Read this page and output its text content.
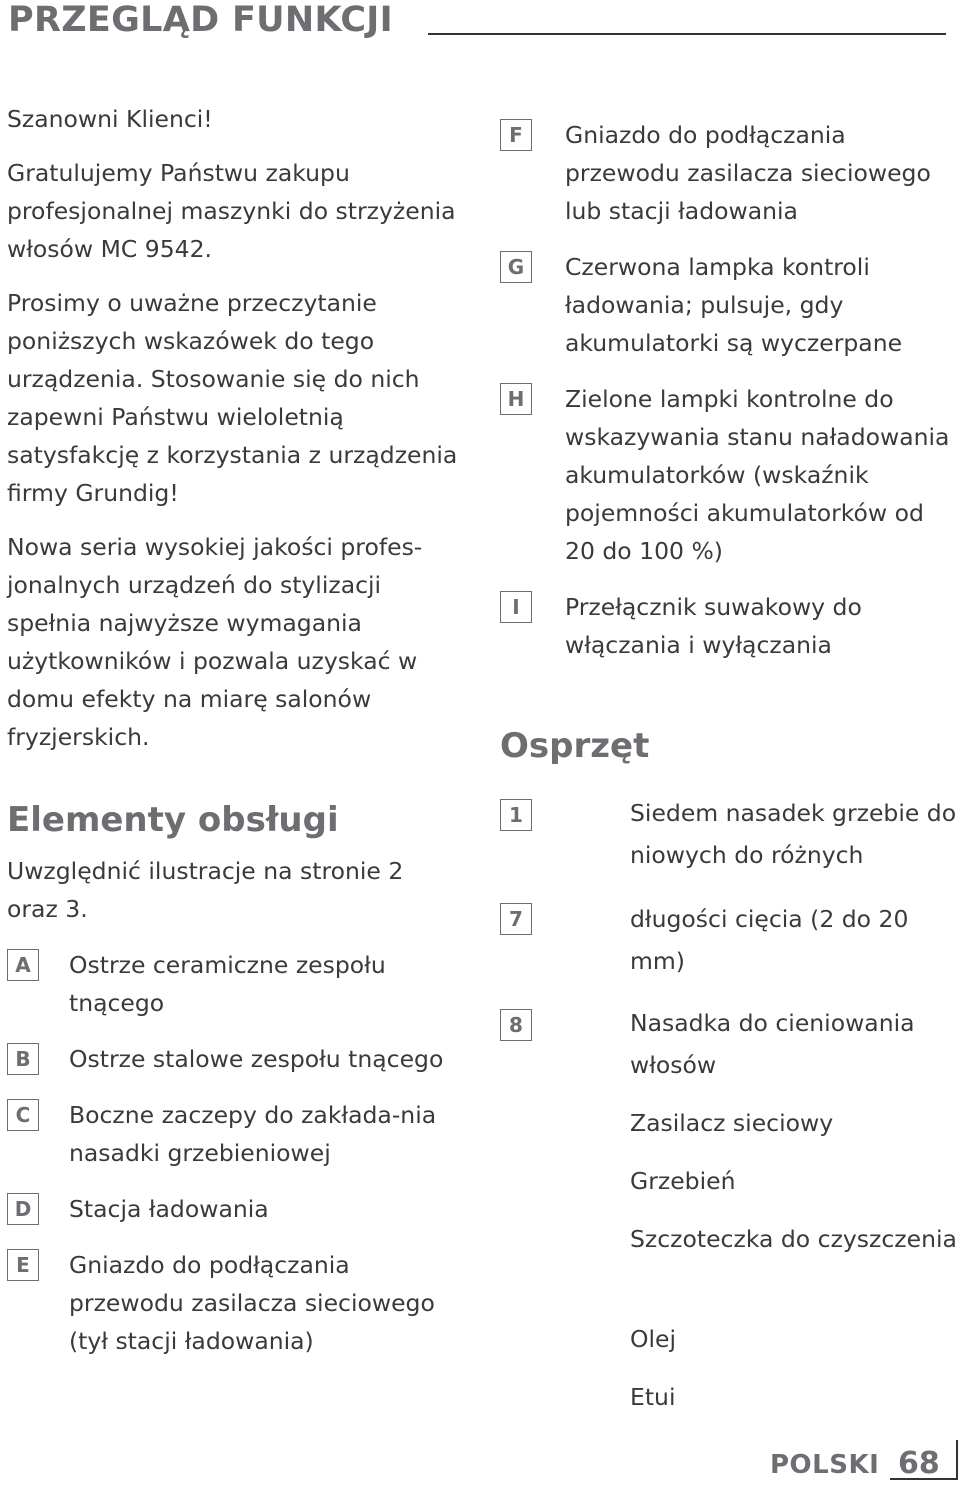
PRZEGLĄD FUNKCJI

Szanowni Klienci!

Gratulujemy Państwu zakupu profesjonalnej maszynki do strzyżenia włosów MC 9542.

Prosimy o uważne przeczytanie poniższych wskazówek do tego urządzenia. Stosowanie się do nich zapewni Państwu wieloletnią satysfakcję z korzystania z urządzenia firmy Grundig!

Nowa seria wysokiej jakości profes-jonalnych urządzeń do stylizacji spełnia najwyższe wymagania użytkowników i pozwala uzyskać w domu efekty na miarę salonów fryzjerskich.

Elementy obsługi

Uwzględnić ilustracje na stronie 2 oraz 3.

A	Ostrze ceramiczne zespołu tnącego
B	Ostrze stalowe zespołu tnącego
C	Boczne zaczepy do zakłada-nia nasadki grzebieniowej
D	Stacja ładowania
E	Gniazdo do podłączania przewodu zasilacza sieciowego (tył stacji ładowania)
F	Gniazdo do podłączania przewodu zasilacza sieciowego lub stacji ładowania
G	Czerwona lampka kontroli ładowania; pulsuje, gdy akumulatorki są wyczerpane
H	Zielone lampki kontrolne do wskazywania stanu naładowania akumulatorków (wskaźnik pojemności akumulatorków od 20 do 100 %)
I	Przełącznik suwakowy do włączania i wyłączania
Osprzęt
1	Siedem nasadek grzebie do niowych do różnych
7	długości cięcia (2 do 20 mm)
8	Nasadka do cieniowania włosów
Zasilacz sieciowy
Grzebień
Szczoteczka do czyszczenia
Olej
Etui
POLSKI 68
